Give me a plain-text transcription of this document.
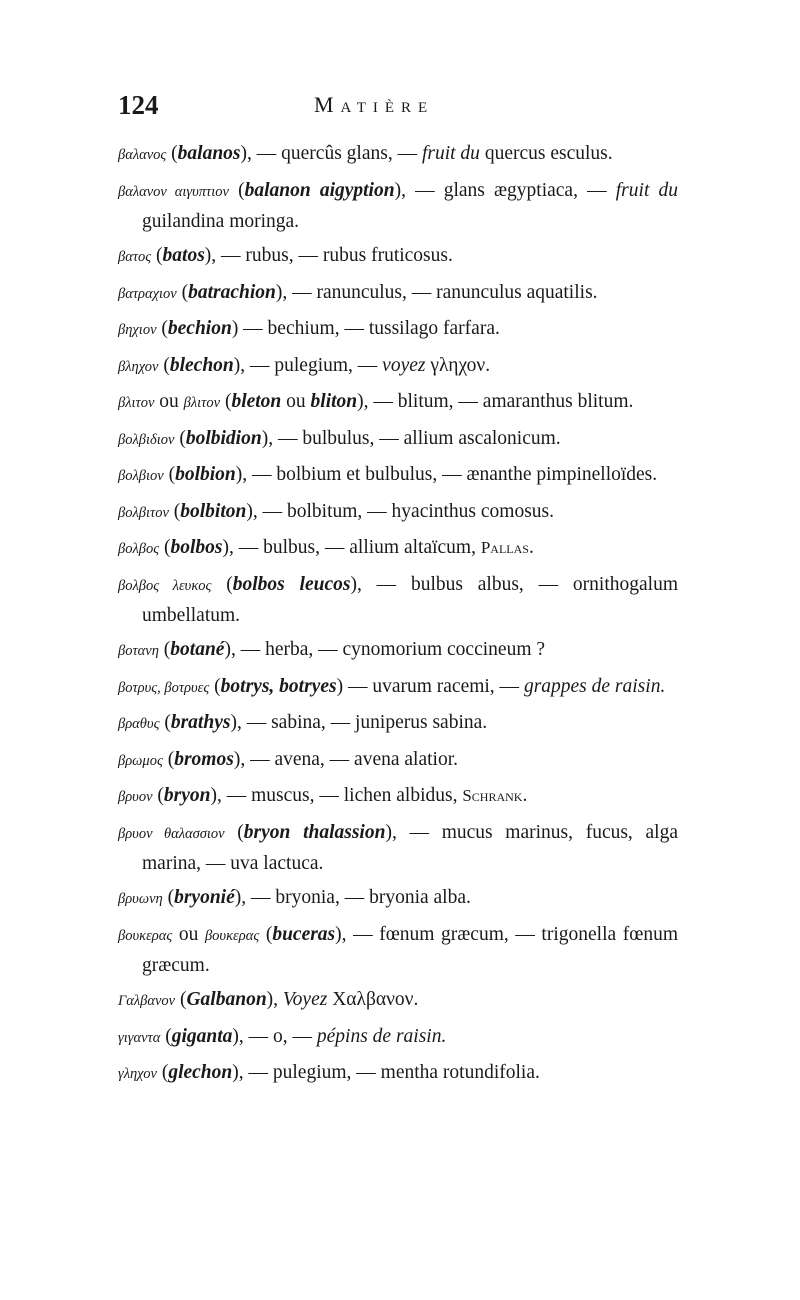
124	Matière

βαλανος (balanos), — quercûs glans, — fruit du quercus esculus.

βαλανον αιγυπτιον (balanon aigyption), — glans ægyptiaca, — fruit du guilandina moringa.

βατος (batos), — rubus, — rubus fruticosus.

βατραχιον (batrachion), — ranunculus, — ranunculus aquatilis.

βηχιον (bechion) — bechium, — tussilago farfara.

βληχον (blechon), — pulegium, — voyez γληχον.

βλιτον ou βλιτον (bleton ou bliton), — blitum, — amaranthus blitum.

βολβιδιον (bolbidion), — bulbulus, — allium ascalonicum.

βολβιον (bolbion), — bolbium et bulbulus, — ænanthe pimpinelloïdes.

βολβιτον (bolbiton), — bolbitum, — hyacinthus comosus.

βολβος (bolbos), — bulbus, — allium altaïcum, Pallas.

βολβος λευκος (bolbos leucos), — bulbus albus, — ornithogalum umbellatum.

βοτανη (botané), — herba, — cynomorium coccineum ?

βοτρυς, βοτρυες (botrys, botryes) — uvarum racemi, — grappes de raisin.

βραθυς (brathys), — sabina, — juniperus sabina.

βρωμος (bromos), — avena, — avena alatior.

βρυον (bryon), — muscus, — lichen albidus, Schrank.

βρυον θαλασσιον (bryon thalassion), — mucus marinus, fucus, alga marina, — uva lactuca.

βρυωνη (bryonié), — bryonia, — bryonia alba.

βουκερας ou βουκερας (buceras), — fœnum græcum, — trigonella fœnum græcum.

Γαλβανον (Galbanon), Voyez Χαλβανον.

γιγαντα (giganta), — o, — pépins de raisin.

γληχον (glechon), — pulegium, — mentha rotundifolia.
